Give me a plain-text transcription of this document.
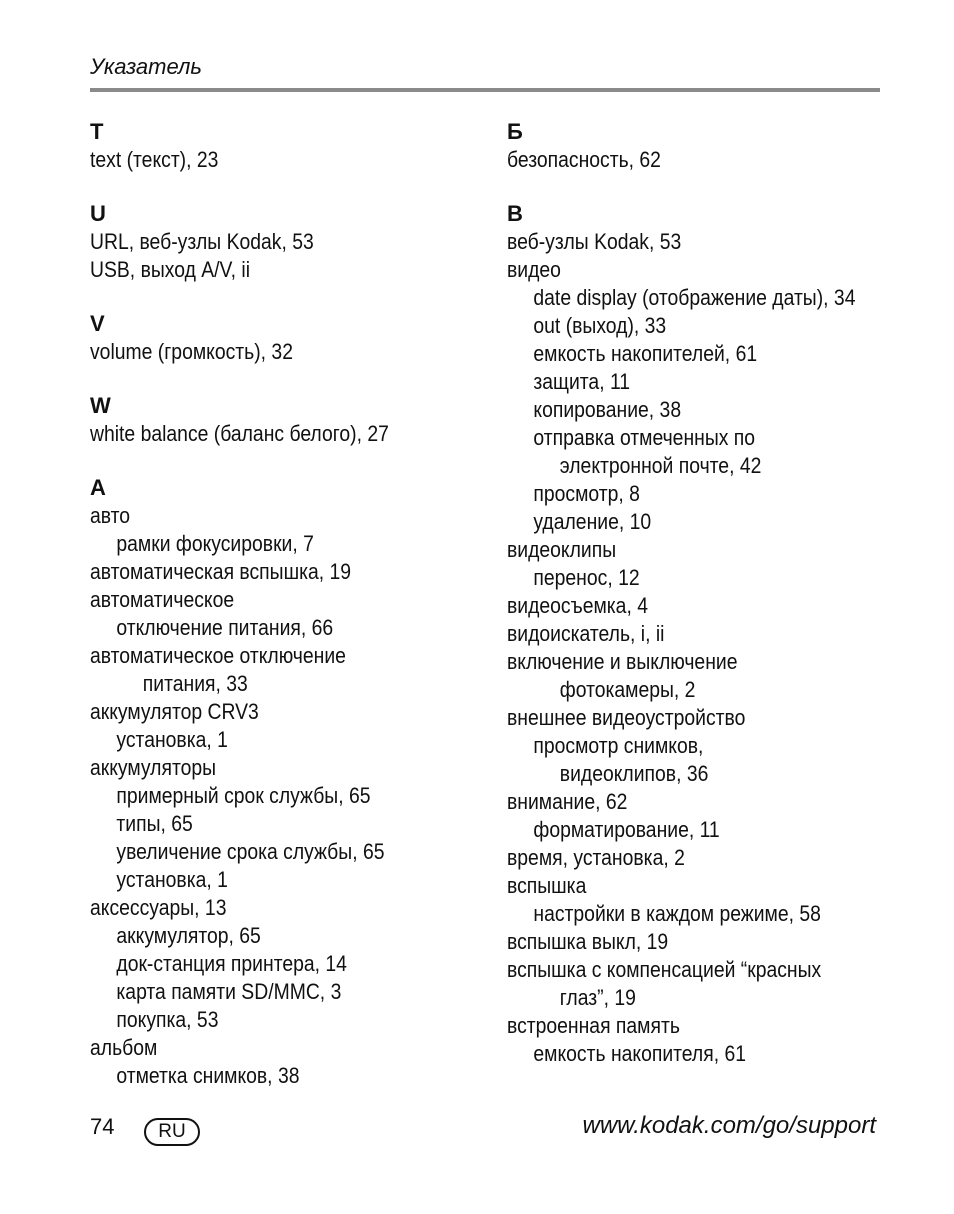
Указатель
T
text (текст), 23
U
URL, веб-узлы Kodak, 53
USB, выход A/V, ii
V
volume (громкость), 32
W
white balance (баланс белого), 27
А
авто
рамки фокусировки, 7
автоматическая вспышка, 19
автоматическое
отключение питания, 66
автоматическое отключение
питания, 33
аккумулятор CRV3
установка, 1
аккумуляторы
примерный срок службы, 65
типы, 65
увеличение срока службы, 65
установка, 1
аксессуары, 13
аккумулятор, 65
док-станция принтера, 14
карта памяти SD/MMC, 3
покупка, 53
альбом
отметка снимков, 38
Б
безопасность, 62
В
веб-узлы Kodak, 53
видео
date display (отображение даты), 34
out (выход), 33
емкость накопителей, 61
защита, 11
копирование, 38
отправка отмеченных по
электронной почте, 42
просмотр, 8
удаление, 10
видеоклипы
перенос, 12
видеосъемка, 4
видоискатель, i, ii
включение и выключение
фотокамеры, 2
внешнее видеоустройство
просмотр снимков,
видеоклипов, 36
внимание, 62
форматирование, 11
время, установка, 2
вспышка
настройки в каждом режиме, 58
вспышка выкл, 19
вспышка с компенсацией “красных
глаз”, 19
встроенная память
емкость накопителя, 61
74	RU	www.kodak.com/go/support
